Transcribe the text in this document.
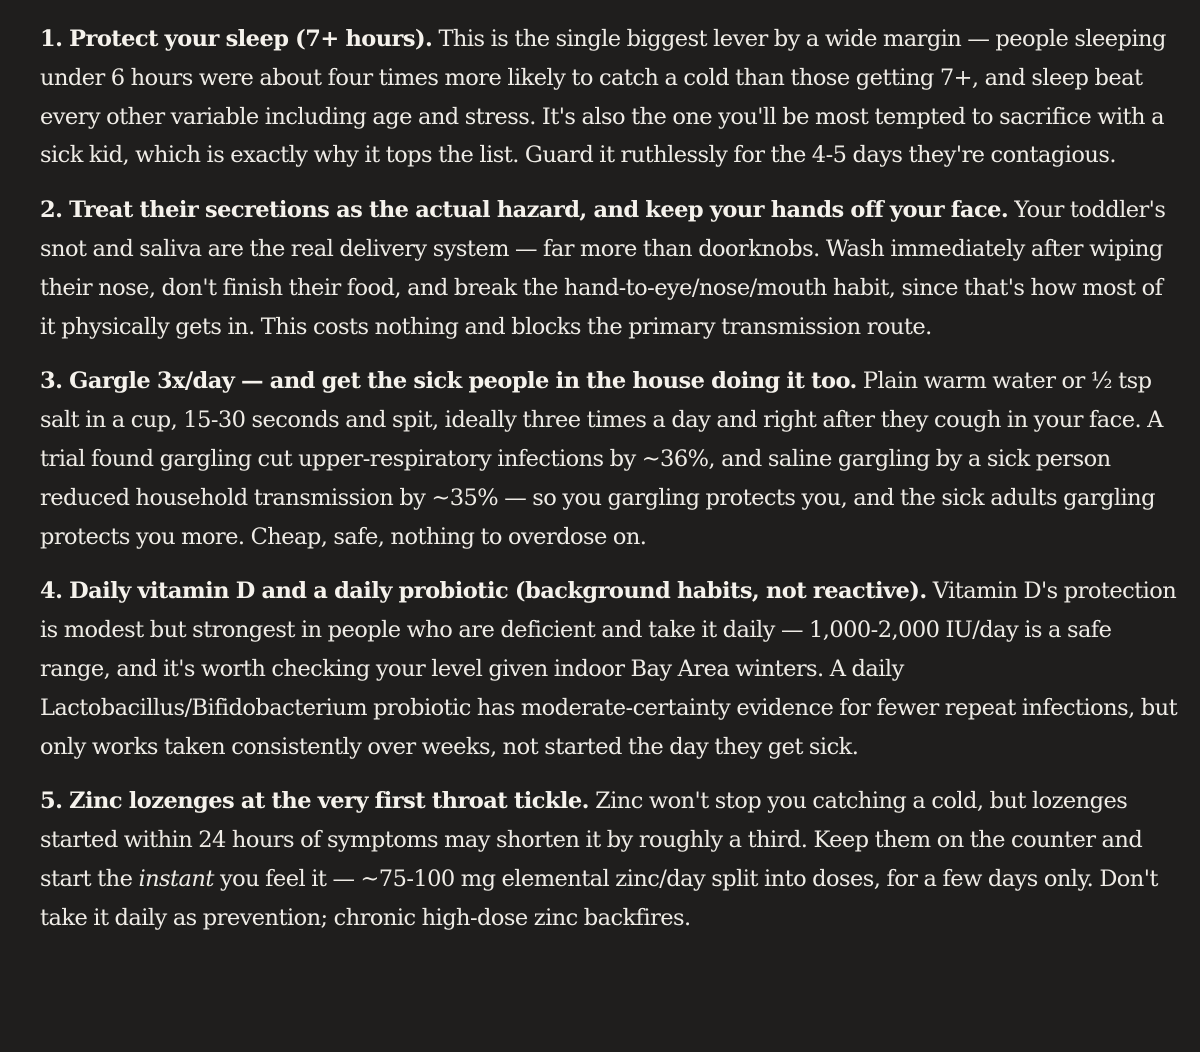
1. Protect your sleep (7+ hours). This is the single biggest lever by a wide margin — people sleeping under 6 hours were about four times more likely to catch a cold than those getting 7+, and sleep beat every other variable including age and stress. It's also the one you'll be most tempted to sacrifice with a sick kid, which is exactly why it tops the list. Guard it ruthlessly for the 4-5 days they're contagious.

2. Treat their secretions as the actual hazard, and keep your hands off your face. Your toddler's snot and saliva are the real delivery system — far more than doorknobs. Wash immediately after wiping their nose, don't finish their food, and break the hand-to-eye/nose/mouth habit, since that's how most of it physically gets in. This costs nothing and blocks the primary transmission route.

3. Gargle 3x/day — and get the sick people in the house doing it too. Plain warm water or ½ tsp salt in a cup, 15-30 seconds and spit, ideally three times a day and right after they cough in your face. A trial found gargling cut upper-respiratory infections by ~36%, and saline gargling by a sick person reduced household transmission by ~35% — so you gargling protects you, and the sick adults gargling protects you more. Cheap, safe, nothing to overdose on.

4. Daily vitamin D and a daily probiotic (background habits, not reactive). Vitamin D's protection is modest but strongest in people who are deficient and take it daily — 1,000-2,000 IU/day is a safe range, and it's worth checking your level given indoor Bay Area winters. A daily Lactobacillus/Bifidobacterium probiotic has moderate-certainty evidence for fewer repeat infections, but only works taken consistently over weeks, not started the day they get sick.

5. Zinc lozenges at the very first throat tickle. Zinc won't stop you catching a cold, but lozenges started within 24 hours of symptoms may shorten it by roughly a third. Keep them on the counter and start the instant you feel it — ~75-100 mg elemental zinc/day split into doses, for a few days only. Don't take it daily as prevention; chronic high-dose zinc backfires.
